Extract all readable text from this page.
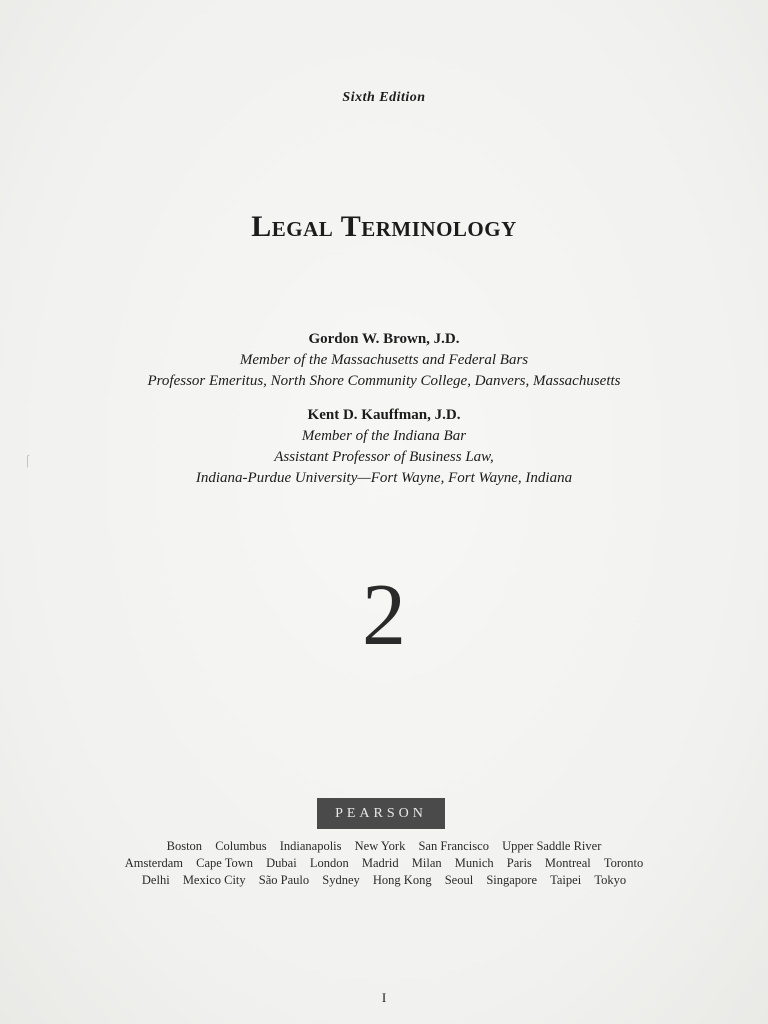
Sixth Edition
Legal Terminology
Gordon W. Brown, J.D.
Member of the Massachusetts and Federal Bars
Professor Emeritus, North Shore Community College, Danvers, Massachusetts
Kent D. Kauffman, J.D.
Member of the Indiana Bar
Assistant Professor of Business Law,
Indiana-Purdue University—Fort Wayne, Fort Wayne, Indiana
2
PEARSON
Boston Columbus Indianapolis New York San Francisco Upper Saddle River
Amsterdam Cape Town Dubai London Madrid Milan Munich Paris Montreal Toronto
Delhi Mexico City São Paulo Sydney Hong Kong Seoul Singapore Taipei Tokyo
I
⌠
